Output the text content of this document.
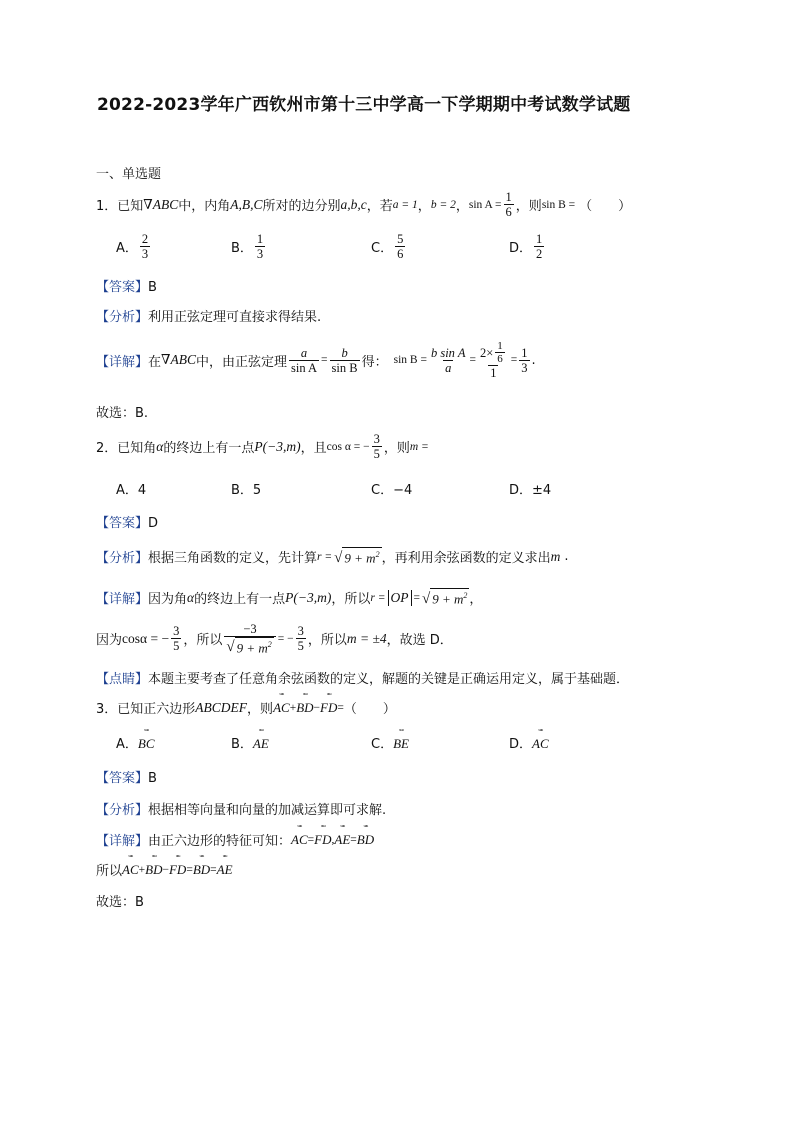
2022-2023学年广西钦州市第十三中学高一下学期期中考试数学试题
一、单选题
1． 已知 ∇ABC 中，内角 A,B,C 所对的边分别 a,b,c ，若 a = 1 ， b = 2 ， $\sin A = \frac{1}{6}$ ，则 sin B = （　　）
A． $\frac{2}{3}$	B． $\frac{1}{3}$	C． $\frac{5}{6}$	D． $\frac{1}{2}$
【答案】B
【分析】利用正弦定理可直接求得结果.
【详解】 在 ∇ABC 中，由正弦定理 $\frac{a}{\text{sin A}} = \frac{b}{\text{sin B}}$ 得： $\sin B = \frac{\text{b sin A}}{a} = \frac{2\times \frac{1}{6}}{1} = \frac{1}{3}$ .
故选：B.
2． 已知角 α 的终边上有一点 P(−3,m) ，且 cos α = − $\frac{3}{5}$ ，则 m =
A．4	B．5	C．−4	D．±4
【答案】D
【分析】 根据三角函数的定义，先计算 r = √ $9 + m^2$ ，再利用余弦函数的定义求出 m .
【详解】 因为角 α 的终边上有一点 P(−3,m) ，所以 r = OP = √ $9 + m^2$ ，
因为 cosα = − $\frac{3}{5}$ ，所以 $\frac{-3}{√ 9 + m^2}$ = − $\frac{3}{5}$ ，所以 m = ±4 ，故选 D．
【点睛】本题主要考查了任意角余弦函数的定义，解题的关键是正确运用定义，属于基础题．
3． 已知正六边形 ABCDEF ，则 ᵘᵘᵘ AC + ᵘᵘᵘ BD − ᵘᵘᵘ FD = （　　）
A．ᵘᵘᵘ BC	B．ᵘᵘᵘ AE	C．ᵘᵘᵘ BE	D．ᵘᵘᵘ AC
【答案】B
【分析】根据相等向量和向量的加减运算即可求解.
【详解】 由正六边形的特征可知： ᵘᵘᵘ AC = ᵘᵘᵘ FD , ᵘᵘᵘ AE = ᵘᵘᵘ BD
所以 ᵘᵘᵘ AC + ᵘᵘᵘ BD − ᵘᵘᵘ FD = ᵘᵘᵘ BD = ᵘᵘᵘ AE
故选：B
